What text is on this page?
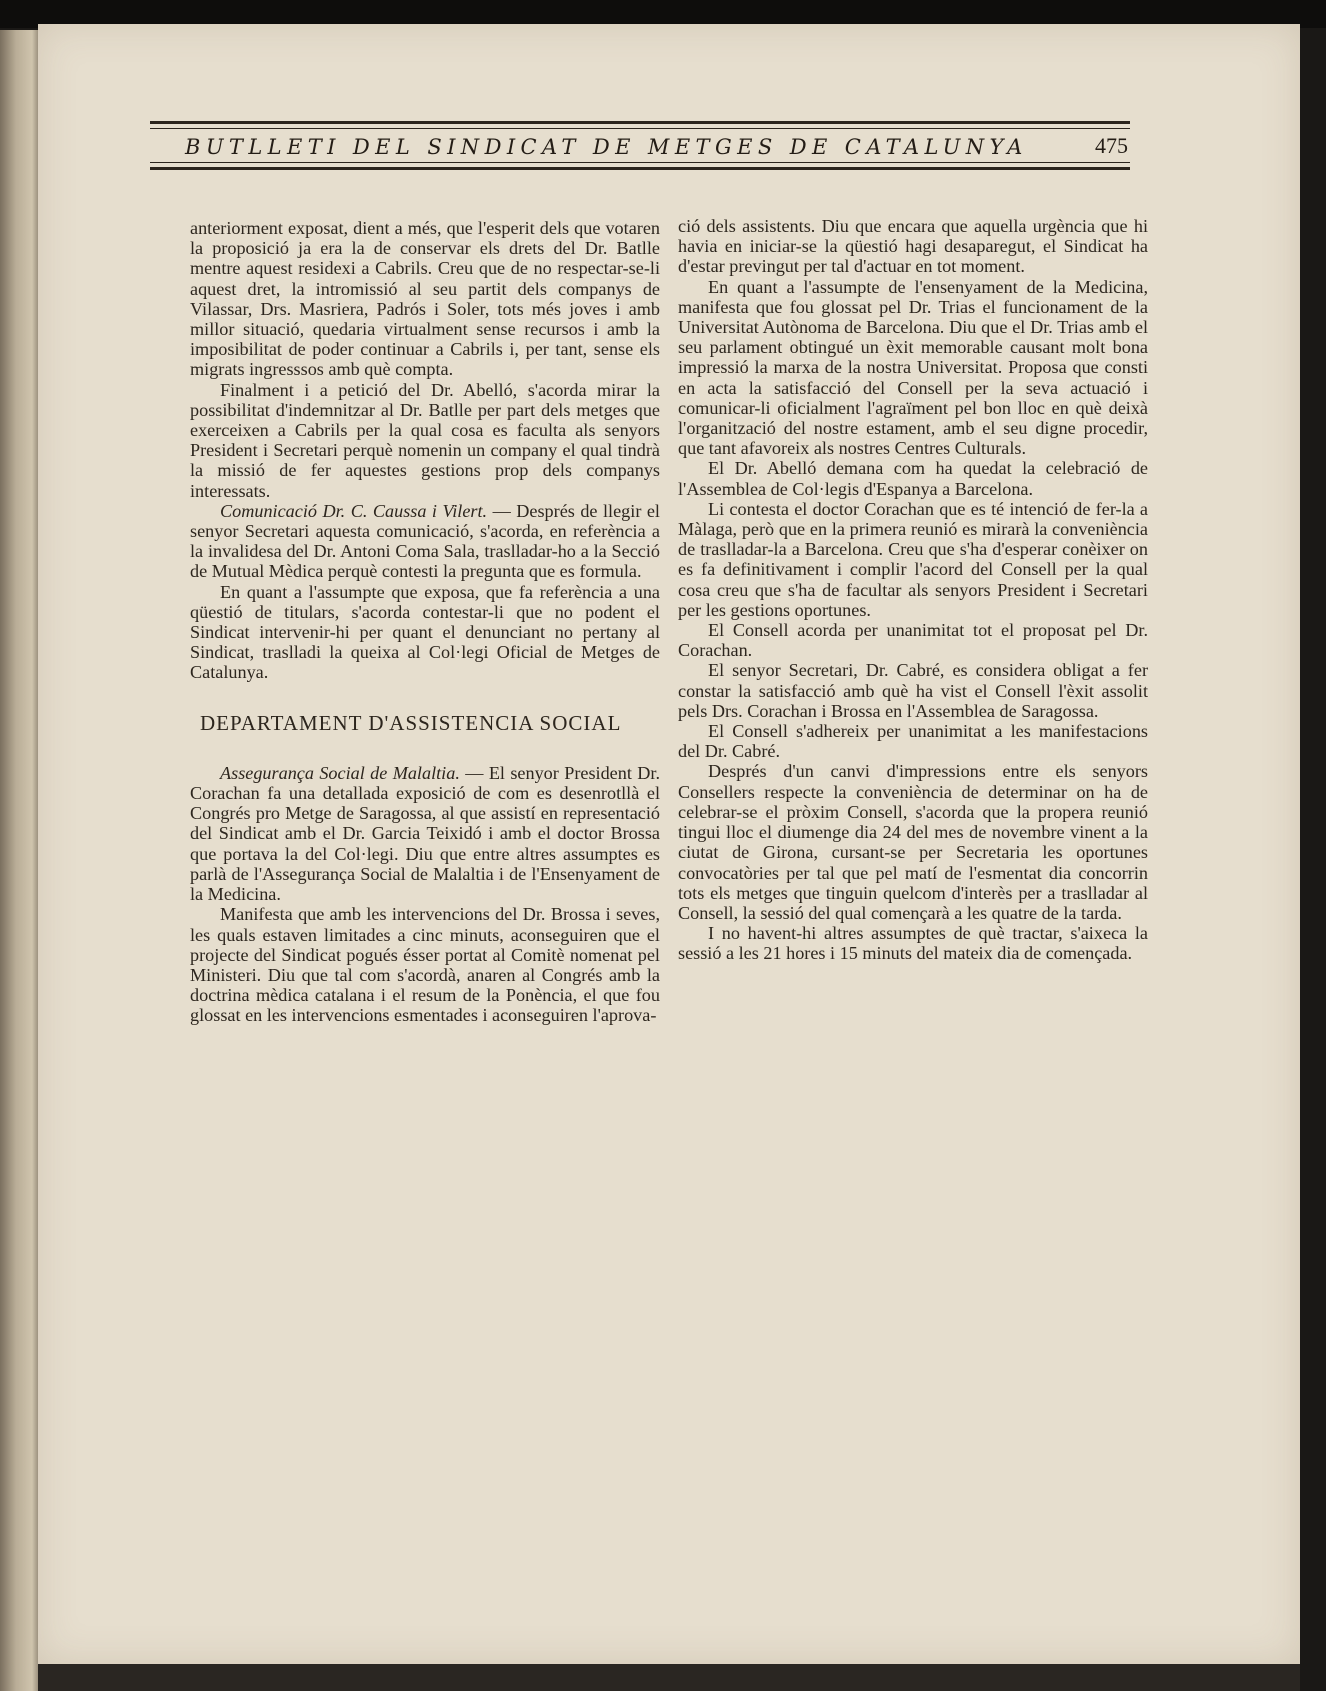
BUTLLETI DEL SINDICAT DE METGES DE CATALUNYA	475

anteriorment exposat, dient a més, que l'esperit dels que votaren la proposició ja era la de conservar els drets del Dr. Batlle mentre aquest residexi a Cabrils. Creu que de no respectar-se-li aquest dret, la intromissió al seu partit dels companys de Vilassar, Drs. Masriera, Padrós i Soler, tots més joves i amb millor situació, quedaria virtualment sense recursos i amb la imposibilitat de poder continuar a Cabrils i, per tant, sense els migrats ingresssos amb què compta.

Finalment i a petició del Dr. Abelló, s'acorda mirar la possibilitat d'indemnitzar al Dr. Batlle per part dels metges que exerceixen a Cabrils per la qual cosa es faculta als senyors President i Secretari perquè nomenin un company el qual tindrà la missió de fer aquestes gestions prop dels companys interessats.

Comunicació Dr. C. Caussa i Vilert. — Després de llegir el senyor Secretari aquesta comunicació, s'acorda, en referència a la invalidesa del Dr. Antoni Coma Sala, traslladar-ho a la Secció de Mutual Mèdica perquè contesti la pregunta que es formula.

En quant a l'assumpte que exposa, que fa referència a una qüestió de titulars, s'acorda contestar-li que no podent el Sindicat intervenir-hi per quant el denunciant no pertany al Sindicat, traslladi la queixa al Col·legi Oficial de Metges de Catalunya.

DEPARTAMENT D'ASSISTENCIA SOCIAL

Assegurança Social de Malaltia. — El senyor President Dr. Corachan fa una detallada exposició de com es desenrotllà el Congrés pro Metge de Saragossa, al que assistí en representació del Sindicat amb el Dr. Garcia Teixidó i amb el doctor Brossa que portava la del Col·legi. Diu que entre altres assumptes es parlà de l'Assegurança Social de Malaltia i de l'Ensenyament de la Medicina.

Manifesta que amb les intervencions del Dr. Brossa i seves, les quals estaven limitades a cinc minuts, aconseguiren que el projecte del Sindicat pogués ésser portat al Comitè nomenat pel Ministeri. Diu que tal com s'acordà, anaren al Congrés amb la doctrina mèdica catalana i el resum de la Ponència, el que fou glossat en les intervencions esmentades i aconseguiren l'aprova-

ció dels assistents. Diu que encara que aquella urgència que hi havia en iniciar-se la qüestió hagi desaparegut, el Sindicat ha d'estar previngut per tal d'actuar en tot moment.

En quant a l'assumpte de l'ensenyament de la Medicina, manifesta que fou glossat pel Dr. Trias el funcionament de la Universitat Autònoma de Barcelona. Diu que el Dr. Trias amb el seu parlament obtingué un èxit memorable causant molt bona impressió la marxa de la nostra Universitat. Proposa que consti en acta la satisfacció del Consell per la seva actuació i comunicar-li oficialment l'agraïment pel bon lloc en què deixà l'organització del nostre estament, amb el seu digne procedir, que tant afavoreix als nostres Centres Culturals.

El Dr. Abelló demana com ha quedat la celebració de l'Assemblea de Col·legis d'Espanya a Barcelona.

Li contesta el doctor Corachan que es té intenció de fer-la a Màlaga, però que en la primera reunió es mirarà la conveniència de traslladar-la a Barcelona. Creu que s'ha d'esperar conèixer on es fa definitivament i complir l'acord del Consell per la qual cosa creu que s'ha de facultar als senyors President i Secretari per les gestions oportunes.

El Consell acorda per unanimitat tot el proposat pel Dr. Corachan.

El senyor Secretari, Dr. Cabré, es considera obligat a fer constar la satisfacció amb què ha vist el Consell l'èxit assolit pels Drs. Corachan i Brossa en l'Assemblea de Saragossa.

El Consell s'adhereix per unanimitat a les manifestacions del Dr. Cabré.

Després d'un canvi d'impressions entre els senyors Consellers respecte la conveniència de determinar on ha de celebrar-se el pròxim Consell, s'acorda que la propera reunió tingui lloc el diumenge dia 24 del mes de novembre vinent a la ciutat de Girona, cursant-se per Secretaria les oportunes convocatòries per tal que pel matí de l'esmentat dia concorrin tots els metges que tinguin quelcom d'interès per a traslladar al Consell, la sessió del qual començarà a les quatre de la tarda.

I no havent-hi altres assumptes de què tractar, s'aixeca la sessió a les 21 hores i 15 minuts del mateix dia de començada.
